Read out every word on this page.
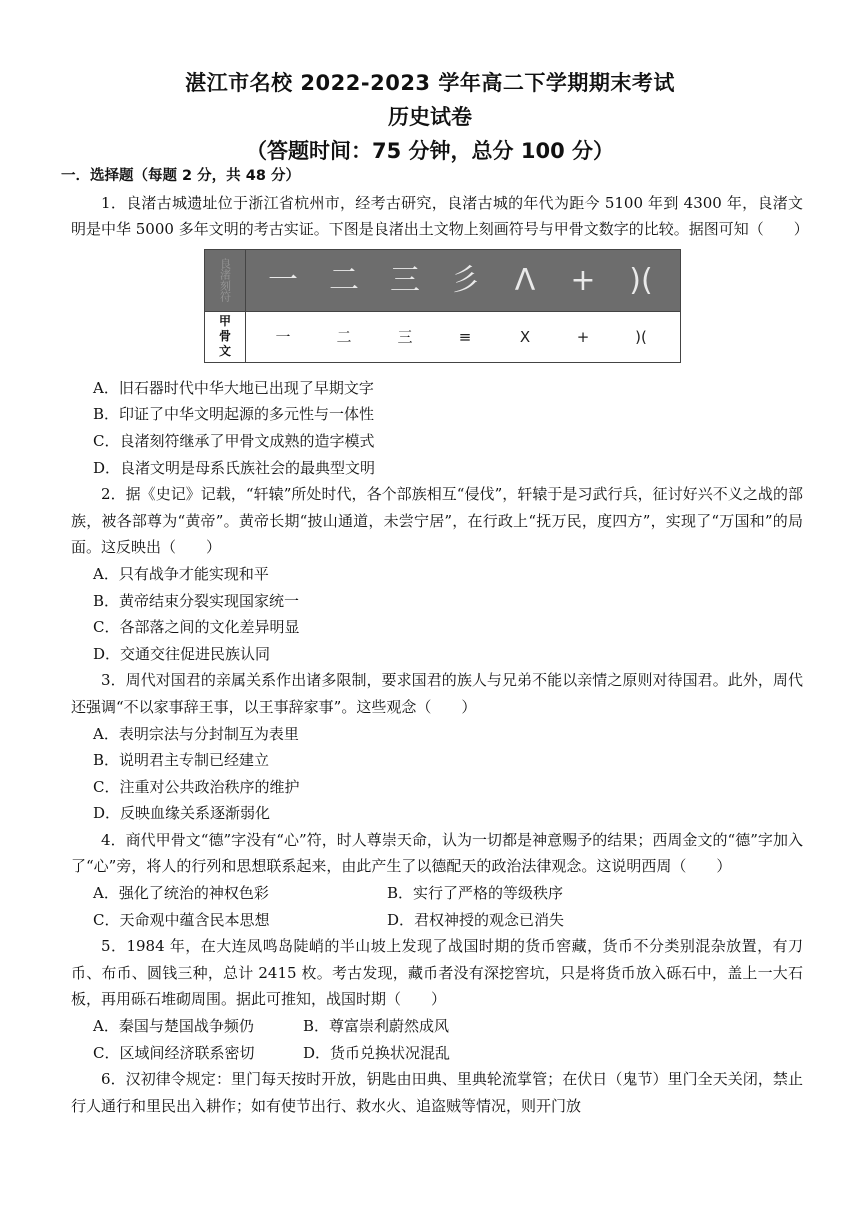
湛江市名校 2022-2023 学年高二下学期期末考试
历史试卷
（答题时间：75 分钟，总分 100 分）
一．选择题（每题 2 分，共 48 分）

1．良渚古城遗址位于浙江省杭州市，经考古研究，良渚古城的年代为距今 5100 年到 4300 年，良渚文明是中华 5000 多年文明的考古实证。下图是良渚出土文物上刻画符号与甲骨文数字的比较。据图可知（　　）

良渚刻符	一	二	三	彡	ᐱ	+	)(
甲
骨
文
一	二	三	≡	Ⅹ	+	)(
A．旧石器时代中华大地已出现了早期文字
B．印证了中华文明起源的多元性与一体性
C．良渚刻符继承了甲骨文成熟的造字模式
D．良渚文明是母系氏族社会的最典型文明

2．据《史记》记载，“轩辕”所处时代，各个部族相互“侵伐”，轩辕于是习武行兵，征讨好兴不义之战的部族，被各部尊为“黄帝”。黄帝长期“披山通道，未尝宁居”，在行政上“抚万民，度四方”，实现了“万国和”的局面。这反映出（　　）

A．只有战争才能实现和平
B．黄帝结束分裂实现国家统一
C．各部落之间的文化差异明显
D．交通交往促进民族认同

3．周代对国君的亲属关系作出诸多限制，要求国君的族人与兄弟不能以亲情之原则对待国君。此外，周代还强调“不以家事辞王事，以王事辞家事”。这些观念（　　）

A．表明宗法与分封制互为表里
B．说明君主专制已经建立
C．注重对公共政治秩序的维护
D．反映血缘关系逐渐弱化

4．商代甲骨文“德”字没有“心”符，时人尊崇天命，认为一切都是神意赐予的结果；西周金文的“德”字加入了“心”旁，将人的行列和思想联系起来，由此产生了以德配天的政治法律观念。这说明西周（　　）

A．强化了统治的神权色彩	B．实行了严格的等级秩序
C．天命观中蕴含民本思想	D．君权神授的观念已消失

5．1984 年，在大连凤鸣岛陡峭的半山坡上发现了战国时期的货币窖藏，货币不分类别混杂放置，有刀币、布币、圆钱三种，总计 2415 枚。考古发现，藏币者没有深挖窖坑，只是将货币放入砾石中，盖上一大石板，再用砾石堆砌周围。据此可推知，战国时期（　　）

A．秦国与楚国战争频仍	B．尊富崇利蔚然成风
C．区域间经济联系密切	D．货币兑换状况混乱

6．汉初律令规定：里门每天按时开放，钥匙由田典、里典轮流掌管；在伏日（鬼节）里门全天关闭，禁止行人通行和里民出入耕作；如有使节出行、救水火、追盗贼等情况，则开门放
